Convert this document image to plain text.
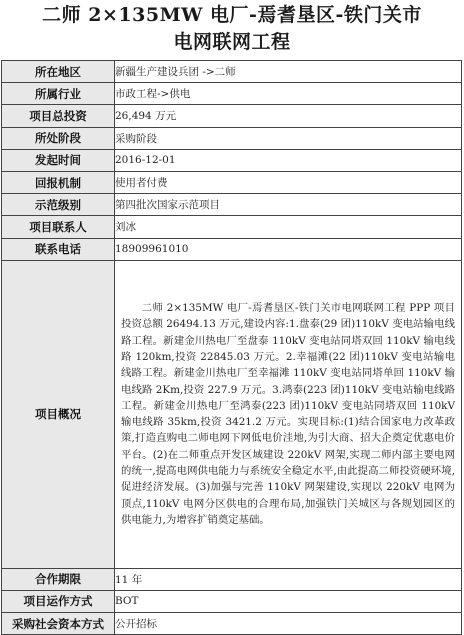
二师 2×135MW 电厂-焉耆垦区-铁门关市
电网联网工程
所在地区	新疆生产建设兵团 ->二师
所属行业	市政工程->供电
项目总投资	26,494 万元
所处阶段	采购阶段
发起时间	2016-12-01
回报机制	使用者付费
示范级别	第四批次国家示范项目
项目联系人	刘冰
联系电话	18909961010
项目概况	二师 2×135MW 电厂-焉耆垦区-铁门关市电网联网工程 PPP 项目投资总额 26494.13 万元,建设内容:1.盘泰(29 团)110kV 变电站输电线路工程。新建金川热电厂至盘泰 110kV 变电站同塔双回 110kV 输电线路 120km,投资 22845.03 万元。2.幸福滩(22 团)110kV 变电站输电线路工程。新建金川热电厂至幸福滩 110kV 变电站同塔单回 110kV 输电线路 2Km,投资 227.9 万元。3.鸿泰(223 团)110kV 变电站输电线路工程。新建金川热电厂至鸿泰(223 团)110kV 变电站同塔双回 110kV 输电线路 35km,投资 3421.2 万元。实现目标:(1)结合国家电力改革政策,打造直购电二师电网下网低电价洼地,为引大商、招大企奠定优惠电价平台。(2)在二师重点开发区域建设 220kV 网架,实现二师内部主要电网的统一,提高电网供电能力与系统安全稳定水平,由此提高二师投资硬环境,促进经济发展。(3)加强与完善 110kV 网架建设,实现以 220kV 电网为顶点,110kV 电网分区供电的合理布局,加强铁门关城区与各规划园区的供电能力,为增容扩销奠定基础。
合作期限	11 年
项目运作方式	BOT
采购社会资本方式	公开招标
